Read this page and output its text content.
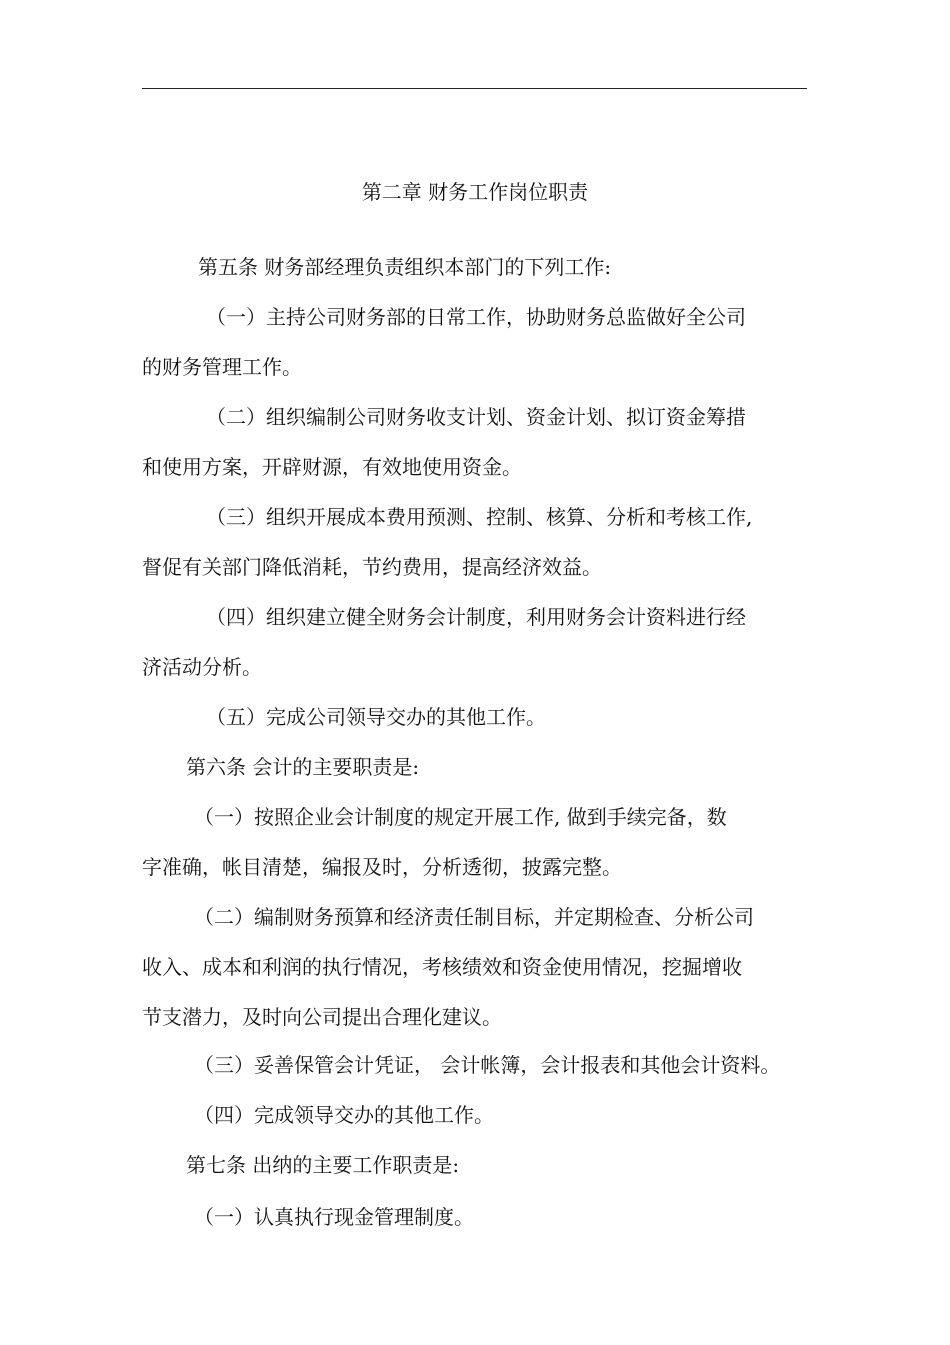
第二章 财务工作岗位职责
第五条 财务部经理负责组织本部门的下列工作:
（一）主持公司财务部的日常工作，协助财务总监做好全公司
的财务管理工作。
（二）组织编制公司财务收支计划、资金计划、拟订资金筹措
和使用方案，开辟财源，有效地使用资金。
（三）组织开展成本费用预测、控制、核算、分析和考核工作,
督促有关部门降低消耗，节约费用，提高经济效益。
（四）组织建立健全财务会计制度，利用财务会计资料进行经
济活动分析。
（五）完成公司领导交办的其他工作。
第六条 会计的主要职责是:
（一）按照企业会计制度的规定开展工作, 做到手续完备，数
字准确，帐目清楚，编报及时，分析透彻，披露完整。
（二）编制财务预算和经济责任制目标，并定期检查、分析公司
收入、成本和利润的执行情况，考核绩效和资金使用情况，挖掘增收
节支潜力，及时向公司提出合理化建议。
（三）妥善保管会计凭证， 会计帐簿，会计报表和其他会计资料。
（四）完成领导交办的其他工作。
第七条 出纳的主要工作职责是:
（一）认真执行现金管理制度。
